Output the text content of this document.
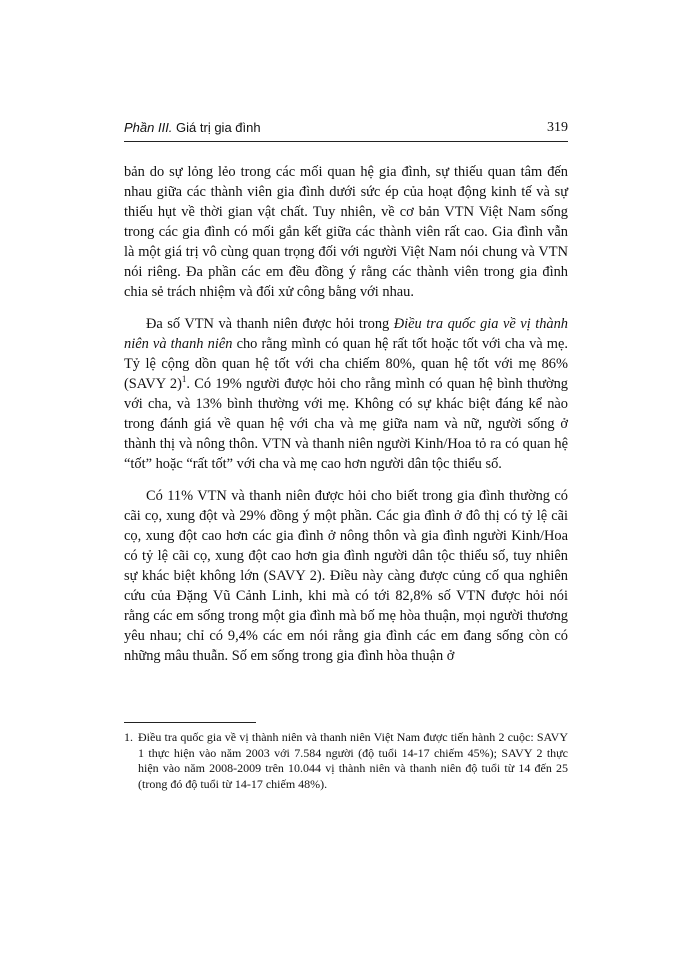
Phần III. Giá trị gia đình	319

bản do sự lỏng lẻo trong các mối quan hệ gia đình, sự thiếu quan tâm đến nhau giữa các thành viên gia đình dưới sức ép của hoạt động kinh tế và sự thiếu hụt về thời gian vật chất. Tuy nhiên, về cơ bản VTN Việt Nam sống trong các gia đình có mối gắn kết giữa các thành viên rất cao. Gia đình vẫn là một giá trị vô cùng quan trọng đối với người Việt Nam nói chung và VTN nói riêng. Đa phần các em đều đồng ý rằng các thành viên trong gia đình chia sẻ trách nhiệm và đối xử công bằng với nhau.

Đa số VTN và thanh niên được hỏi trong Điều tra quốc gia về vị thành niên và thanh niên cho rằng mình có quan hệ rất tốt hoặc tốt với cha và mẹ. Tỷ lệ cộng dồn quan hệ tốt với cha chiếm 80%, quan hệ tốt với mẹ 86% (SAVY 2)$^1$. Có 19% người được hỏi cho rằng mình có quan hệ bình thường với cha, và 13% bình thường với mẹ. Không có sự khác biệt đáng kể nào trong đánh giá về quan hệ với cha và mẹ giữa nam và nữ, người sống ở thành thị và nông thôn. VTN và thanh niên người Kinh/Hoa tỏ ra có quan hệ “tốt” hoặc “rất tốt” với cha và mẹ cao hơn người dân tộc thiểu số.

Có 11% VTN và thanh niên được hỏi cho biết trong gia đình thường có cãi cọ, xung đột và 29% đồng ý một phần. Các gia đình ở đô thị có tỷ lệ cãi cọ, xung đột cao hơn các gia đình ở nông thôn và gia đình người Kinh/Hoa có tỷ lệ cãi cọ, xung đột cao hơn gia đình người dân tộc thiểu số, tuy nhiên sự khác biệt không lớn (SAVY 2). Điều này càng được củng cố qua nghiên cứu của Đặng Vũ Cảnh Linh, khi mà có tới 82,8% số VTN được hỏi nói rằng các em sống trong một gia đình mà bố mẹ hòa thuận, mọi người thương yêu nhau; chỉ có 9,4% các em nói rằng gia đình các em đang sống còn có những mâu thuẫn. Số em sống trong gia đình hòa thuận ở

1. Điều tra quốc gia về vị thành niên và thanh niên Việt Nam được tiến hành 2 cuộc: SAVY 1 thực hiện vào năm 2003 với 7.584 người (độ tuổi 14-17 chiếm 45%); SAVY 2 thực hiện vào năm 2008-2009 trên 10.044 vị thành niên và thanh niên độ tuổi từ 14 đến 25 (trong đó độ tuổi từ 14-17 chiếm 48%).
